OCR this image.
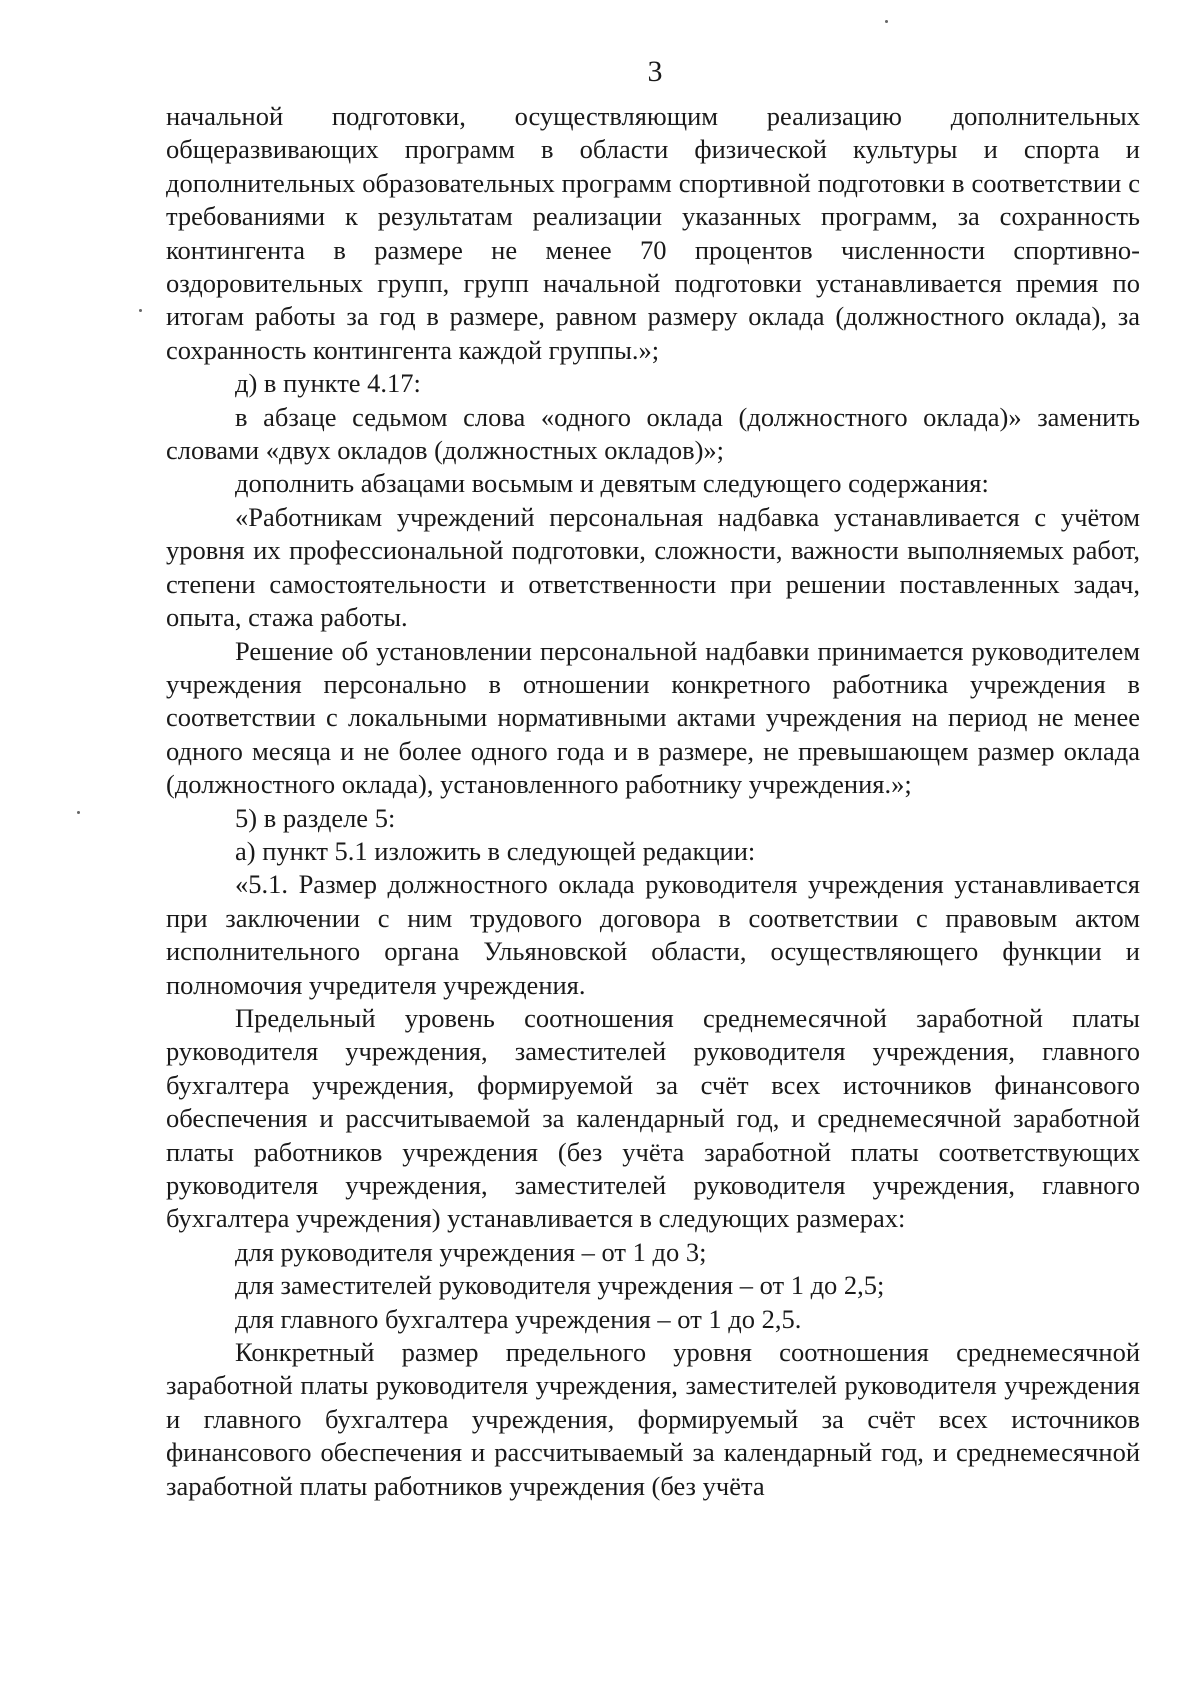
3

начальной подготовки, осуществляющим реализацию дополнительных общеразвивающих программ в области физической культуры и спорта и дополнительных образовательных программ спортивной подготовки в соответствии с требованиями к результатам реализации указанных программ, за сохранность контингента в размере не менее 70 процентов численности спортивно-оздоровительных групп, групп начальной подготовки устанавливается премия по итогам работы за год в размере, равном размеру оклада (должностного оклада), за сохранность контингента каждой группы.»;

д) в пункте 4.17:

в абзаце седьмом слова «одного оклада (должностного оклада)» заменить словами «двух окладов (должностных окладов)»;

дополнить абзацами восьмым и девятым следующего содержания:

«Работникам учреждений персональная надбавка устанавливается с учётом уровня их профессиональной подготовки, сложности, важности выполняемых работ, степени самостоятельности и ответственности при решении поставленных задач, опыта, стажа работы.

Решение об установлении персональной надбавки принимается руководителем учреждения персонально в отношении конкретного работника учреждения в соответствии с локальными нормативными актами учреждения на период не менее одного месяца и не более одного года и в размере, не превышающем размер оклада (должностного оклада), установленного работнику учреждения.»;

5) в разделе 5:

а) пункт 5.1 изложить в следующей редакции:

«5.1. Размер должностного оклада руководителя учреждения устанавливается при заключении с ним трудового договора в соответствии с правовым актом исполнительного органа Ульяновской области, осуществляющего функции и полномочия учредителя учреждения.

Предельный уровень соотношения среднемесячной заработной платы руководителя учреждения, заместителей руководителя учреждения, главного бухгалтера учреждения, формируемой за счёт всех источников финансового обеспечения и рассчитываемой за календарный год, и среднемесячной заработной платы работников учреждения (без учёта заработной платы соответствующих руководителя учреждения, заместителей руководителя учреждения, главного бухгалтера учреждения) устанавливается в следующих размерах:

для руководителя учреждения – от 1 до 3;

для заместителей руководителя учреждения – от 1 до 2,5;

для главного бухгалтера учреждения – от 1 до 2,5.

Конкретный размер предельного уровня соотношения среднемесячной заработной платы руководителя учреждения, заместителей руководителя учреждения и главного бухгалтера учреждения, формируемый за счёт всех источников финансового обеспечения и рассчитываемый за календарный год, и среднемесячной заработной платы работников учреждения (без учёта
